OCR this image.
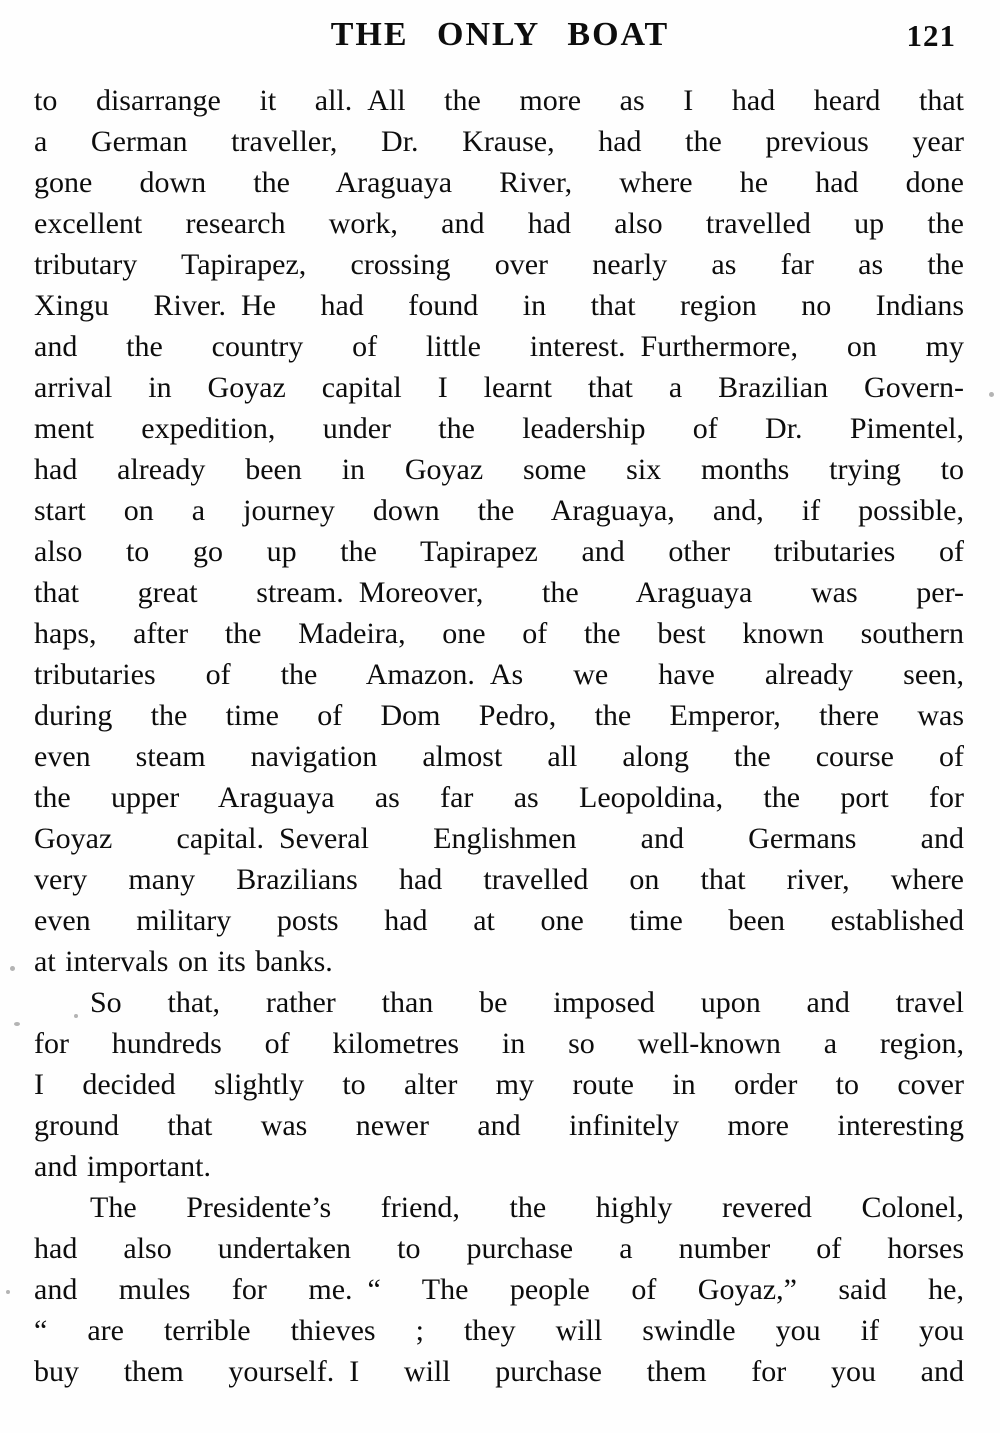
THE ONLY BOAT	121
to disarrange it all. All the more as I had heard that
a German traveller, Dr. Krause, had the previous year
gone down the Araguaya River, where he had done
excellent research work, and had also travelled up the
tributary Tapirapez, crossing over nearly as far as the
Xingu River. He had found in that region no Indians
and the country of little interest. Furthermore, on my
arrival in Goyaz capital I learnt that a Brazilian Govern-
ment expedition, under the leadership of Dr. Pimentel,
had already been in Goyaz some six months trying to
start on a journey down the Araguaya, and, if possible,
also to go up the Tapirapez and other tributaries of
that great stream. Moreover, the Araguaya was per-
haps, after the Madeira, one of the best known southern
tributaries of the Amazon. As we have already seen,
during the time of Dom Pedro, the Emperor, there was
even steam navigation almost all along the course of
the upper Araguaya as far as Leopoldina, the port for
Goyaz capital. Several Englishmen and Germans and
very many Brazilians had travelled on that river, where
even military posts had at one time been established
at intervals on its banks.
So that, rather than be imposed upon and travel
for hundreds of kilometres in so well-known a region,
I decided slightly to alter my route in order to cover
ground that was newer and infinitely more interesting
and important.
The Presidente’s friend, the highly revered Colonel,
had also undertaken to purchase a number of horses
and mules for me. “ The people of Goyaz,” said he,
“ are terrible thieves ; they will swindle you if you
buy them yourself. I will purchase them for you and
